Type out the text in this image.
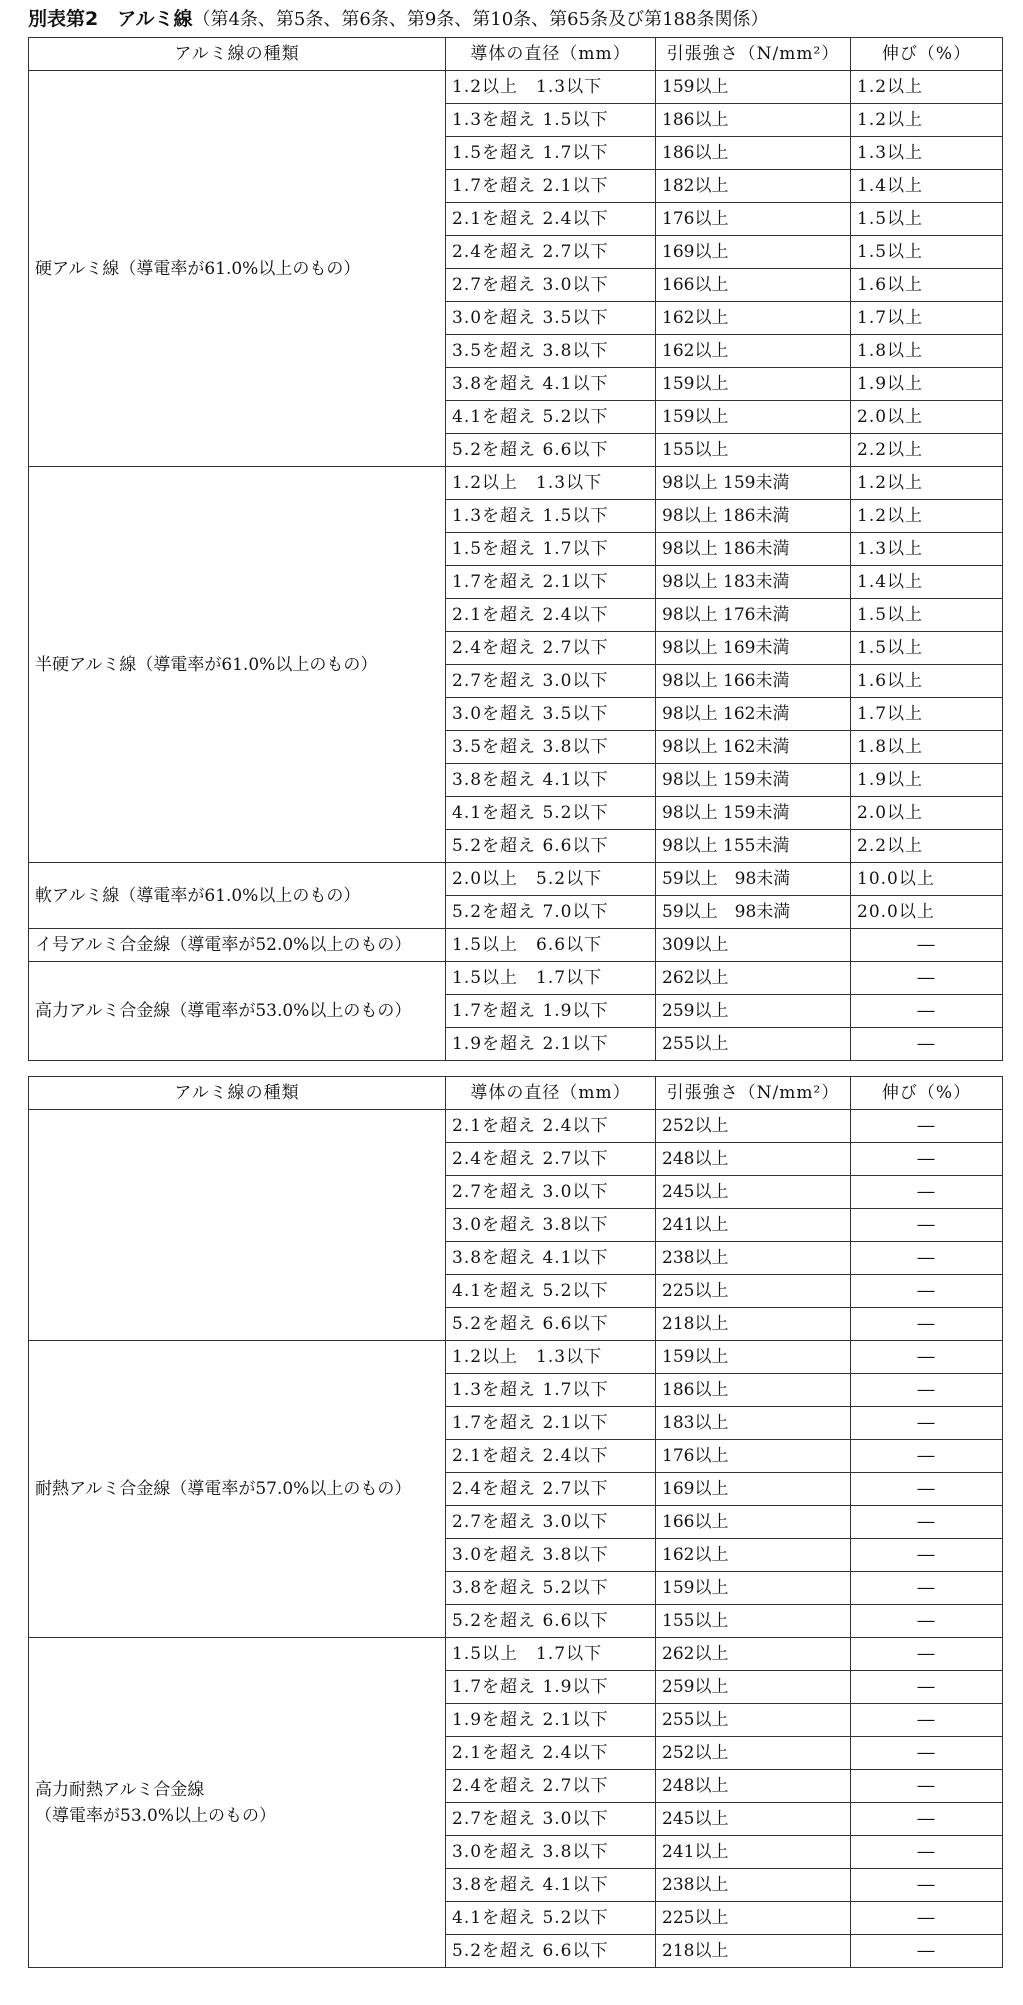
別表第2　アルミ線（第4条、第5条、第6条、第9条、第10条、第65条及び第188条関係）
アルミ線の種類	導体の直径（mm）	引張強さ（N/mm²）	伸び（%）
硬アルミ線（導電率が61.0%以上のもの）	1.2以上　1.3以下	159以上	1.2以上
	1.3を超え 1.5以下	186以上	1.2以上
	1.5を超え 1.7以下	186以上	1.3以上
	1.7を超え 2.1以下	182以上	1.4以上
	2.1を超え 2.4以下	176以上	1.5以上
	2.4を超え 2.7以下	169以上	1.5以上
	2.7を超え 3.0以下	166以上	1.6以上
	3.0を超え 3.5以下	162以上	1.7以上
	3.5を超え 3.8以下	162以上	1.8以上
	3.8を超え 4.1以下	159以上	1.9以上
	4.1を超え 5.2以下	159以上	2.0以上
	5.2を超え 6.6以下	155以上	2.2以上
半硬アルミ線（導電率が61.0%以上のもの）	1.2以上　1.3以下	98以上 159未満	1.2以上
	1.3を超え 1.5以下	98以上 186未満	1.2以上
	1.5を超え 1.7以下	98以上 186未満	1.3以上
	1.7を超え 2.1以下	98以上 183未満	1.4以上
	2.1を超え 2.4以下	98以上 176未満	1.5以上
	2.4を超え 2.7以下	98以上 169未満	1.5以上
	2.7を超え 3.0以下	98以上 166未満	1.6以上
	3.0を超え 3.5以下	98以上 162未満	1.7以上
	3.5を超え 3.8以下	98以上 162未満	1.8以上
	3.8を超え 4.1以下	98以上 159未満	1.9以上
	4.1を超え 5.2以下	98以上 159未満	2.0以上
	5.2を超え 6.6以下	98以上 155未満	2.2以上
軟アルミ線（導電率が61.0%以上のもの）	2.0以上　5.2以下	59以上　98未満	10.0以上
	5.2を超え 7.0以下	59以上　98未満	20.0以上
イ号アルミ合金線（導電率が52.0%以上のもの）	1.5以上　6.6以下	309以上	―
高力アルミ合金線（導電率が53.0%以上のもの）	1.5以上　1.7以下	262以上	―
	1.7を超え 1.9以下	259以上	―
	1.9を超え 2.1以下	255以上	―
アルミ線の種類	導体の直径（mm）	引張強さ（N/mm²）	伸び（%）
	2.1を超え 2.4以下	252以上	―
	2.4を超え 2.7以下	248以上	―
	2.7を超え 3.0以下	245以上	―
	3.0を超え 3.8以下	241以上	―
	3.8を超え 4.1以下	238以上	―
	4.1を超え 5.2以下	225以上	―
	5.2を超え 6.6以下	218以上	―
耐熱アルミ合金線（導電率が57.0%以上のもの）	1.2以上　1.3以下	159以上	―
	1.3を超え 1.7以下	186以上	―
	1.7を超え 2.1以下	183以上	―
	2.1を超え 2.4以下	176以上	―
	2.4を超え 2.7以下	169以上	―
	2.7を超え 3.0以下	166以上	―
	3.0を超え 3.8以下	162以上	―
	3.8を超え 5.2以下	159以上	―
	5.2を超え 6.6以下	155以上	―
高力耐熱アルミ合金線
（導電率が53.0%以上のもの）	1.5以上　1.7以下	262以上	―
	1.7を超え 1.9以下	259以上	―
	1.9を超え 2.1以下	255以上	―
	2.1を超え 2.4以下	252以上	―
	2.4を超え 2.7以下	248以上	―
	2.7を超え 3.0以下	245以上	―
	3.0を超え 3.8以下	241以上	―
	3.8を超え 4.1以下	238以上	―
	4.1を超え 5.2以下	225以上	―
	5.2を超え 6.6以下	218以上	―
